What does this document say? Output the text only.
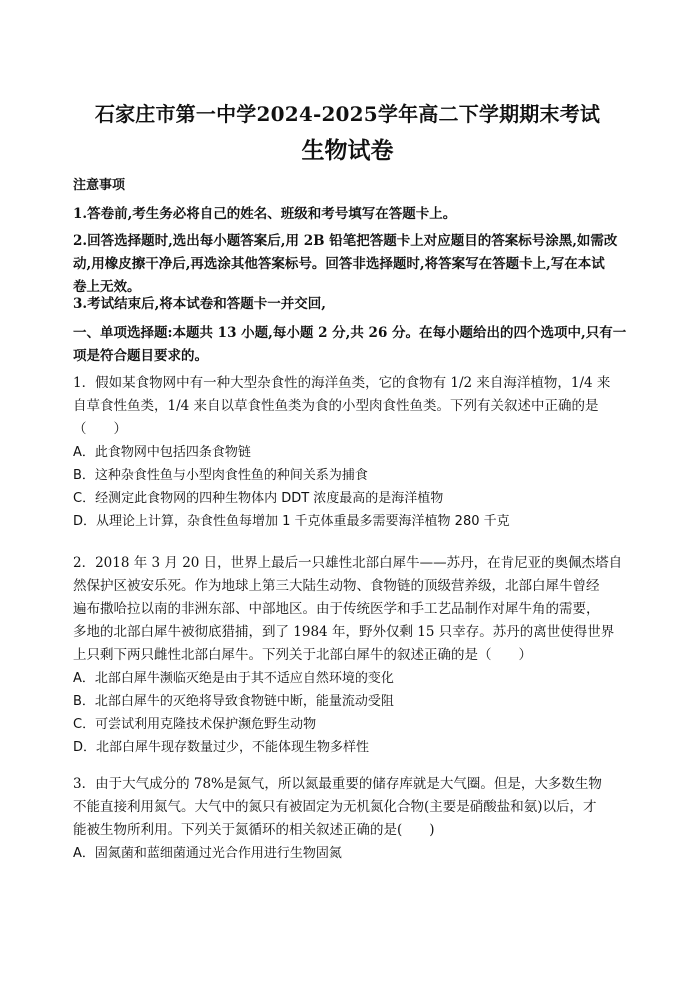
石家庄市第一中学2024-2025学年高二下学期期末考试
生物试卷
注意事项
1.答卷前,考生务必将自己的姓名、班级和考号填写在答题卡上。
2.回答选择题时,选出每小题答案后,用 2B 铅笔把答题卡上对应题目的答案标号涂黑,如需改
动,用橡皮擦干净后,再选涂其他答案标号。回答非选择题时,将答案写在答题卡上,写在本试
卷上无效。
3.考试结束后,将本试卷和答题卡一并交回,
一、单项选择题:本题共 13 小题,每小题 2 分,共 26 分。在每小题给出的四个选项中,只有一
项是符合题目要求的。
1．假如某食物网中有一种大型杂食性的海洋鱼类，它的食物有 1/2 来自海洋植物，1/4 来
自草食性鱼类，1/4 来自以草食性鱼类为食的小型肉食性鱼类。下列有关叙述中正确的是
（　　）
A．此食物网中包括四条食物链
B．这种杂食性鱼与小型肉食性鱼的种间关系为捕食
C．经测定此食物网的四种生物体内 DDT 浓度最高的是海洋植物
D．从理论上计算，杂食性鱼每增加 1 千克体重最多需要海洋植物 280 千克
2．2018 年 3 月 20 日，世界上最后一只雄性北部白犀牛——苏丹，在肯尼亚的奥佩杰塔自
然保护区被安乐死。作为地球上第三大陆生动物、食物链的顶级营养级，北部白犀牛曾经
遍布撒哈拉以南的非洲东部、中部地区。由于传统医学和手工艺品制作对犀牛角的需要，
多地的北部白犀牛被彻底猎捕，到了 1984 年，野外仅剩 15 只幸存。苏丹的离世使得世界
上只剩下两只雌性北部白犀牛。下列关于北部白犀牛的叙述正确的是（　　）
A．北部白犀牛濒临灭绝是由于其不适应自然环境的变化
B．北部白犀牛的灭绝将导致食物链中断，能量流动受阻
C．可尝试利用克隆技术保护濒危野生动物
D．北部白犀牛现存数量过少，不能体现生物多样性
3．由于大气成分的 78%是氮气，所以氮最重要的储存库就是大气圈。但是，大多数生物
不能直接利用氮气。大气中的氮只有被固定为无机氮化合物(主要是硝酸盐和氨)以后，才
能被生物所利用。下列关于氮循环的相关叙述正确的是(　　)
A．固氮菌和蓝细菌通过光合作用进行生物固氮
